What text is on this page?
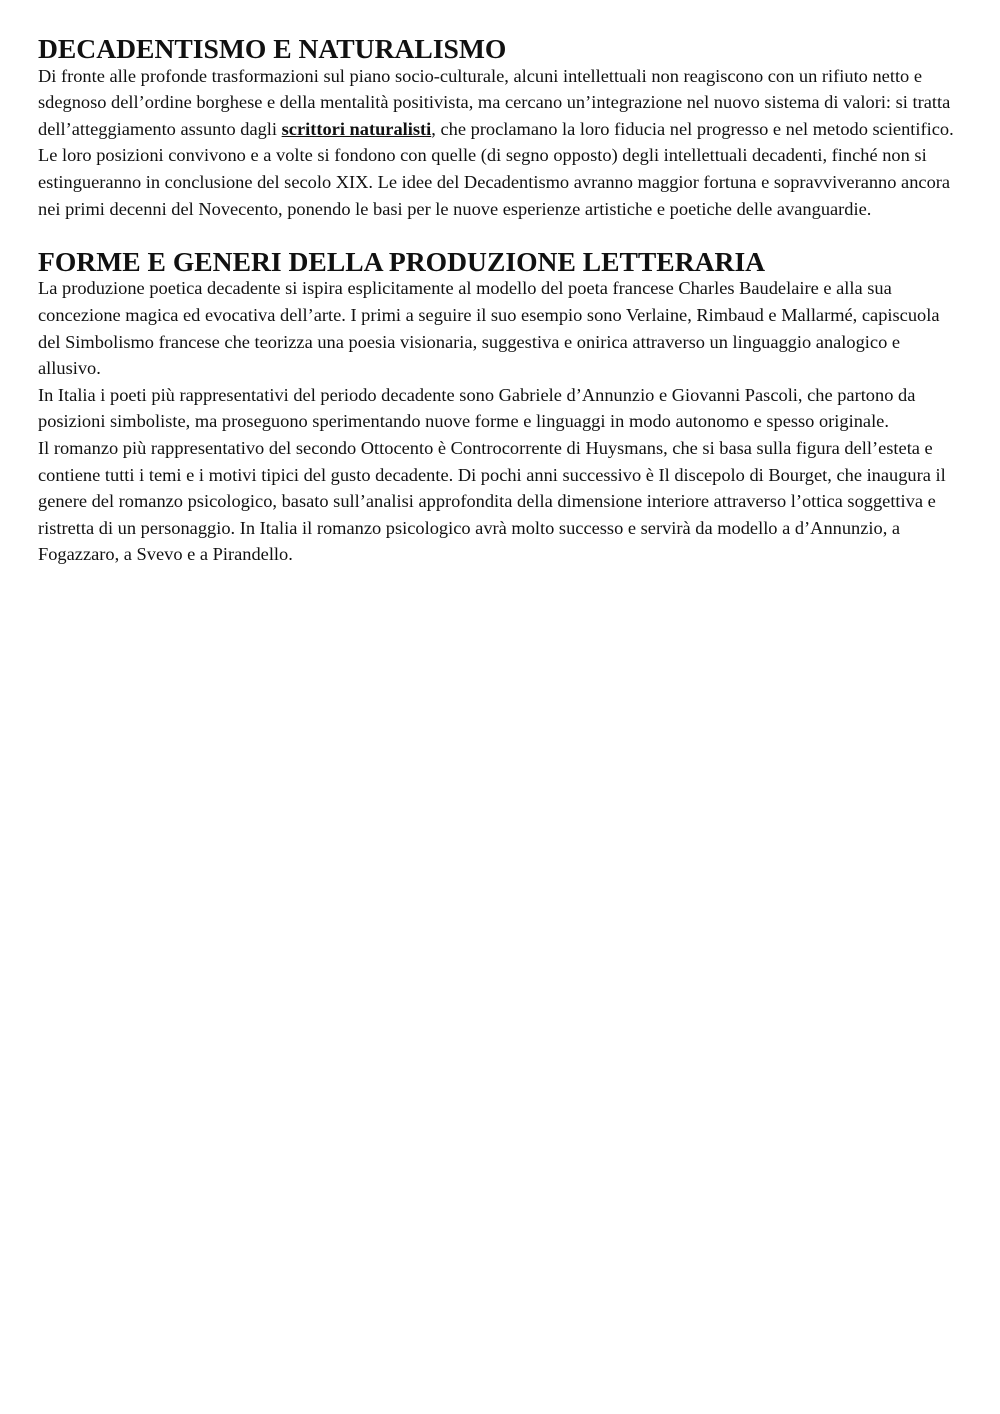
DECADENTISMO E NATURALISMO

Di fronte alle profonde trasformazioni sul piano socio-culturale, alcuni intellettuali non reagiscono con un rifiuto netto e sdegnoso dell’ordine borghese e della mentalità positivista, ma cercano un’integrazione nel nuovo sistema di valori: si tratta dell’atteggiamento assunto dagli scrittori naturalisti, che proclamano la loro fiducia nel progresso e nel metodo scientifico. Le loro posizioni convivono e a volte si fondono con quelle (di segno opposto) degli intellettuali decadenti, finché non si estingueranno in conclusione del secolo XIX. Le idee del Decadentismo avranno maggior fortuna e sopravviveranno ancora nei primi decenni del Novecento, ponendo le basi per le nuove esperienze artistiche e poetiche delle avanguardie.

FORME E GENERI DELLA PRODUZIONE LETTERARIA

La produzione poetica decadente si ispira esplicitamente al modello del poeta francese Charles Baudelaire e alla sua concezione magica ed evocativa dell’arte. I primi a seguire il suo esempio sono Verlaine, Rimbaud e Mallarmé, capiscuola del Simbolismo francese che teorizza una poesia visionaria, suggestiva e onirica attraverso un linguaggio analogico e allusivo.

In Italia i poeti più rappresentativi del periodo decadente sono Gabriele d’Annunzio e Giovanni Pascoli, che partono da posizioni simboliste, ma proseguono sperimentando nuove forme e linguaggi in modo autonomo e spesso originale.

Il romanzo più rappresentativo del secondo Ottocento è Controcorrente di Huysmans, che si basa sulla figura dell’esteta e contiene tutti i temi e i motivi tipici del gusto decadente. Di pochi anni successivo è Il discepolo di Bourget, che inaugura il genere del romanzo psicologico, basato sull’analisi approfondita della dimensione interiore attraverso l’ottica soggettiva e ristretta di un personaggio. In Italia il romanzo psicologico avrà molto successo e servirà da modello a d’Annunzio, a Fogazzaro, a Svevo e a Pirandello.
